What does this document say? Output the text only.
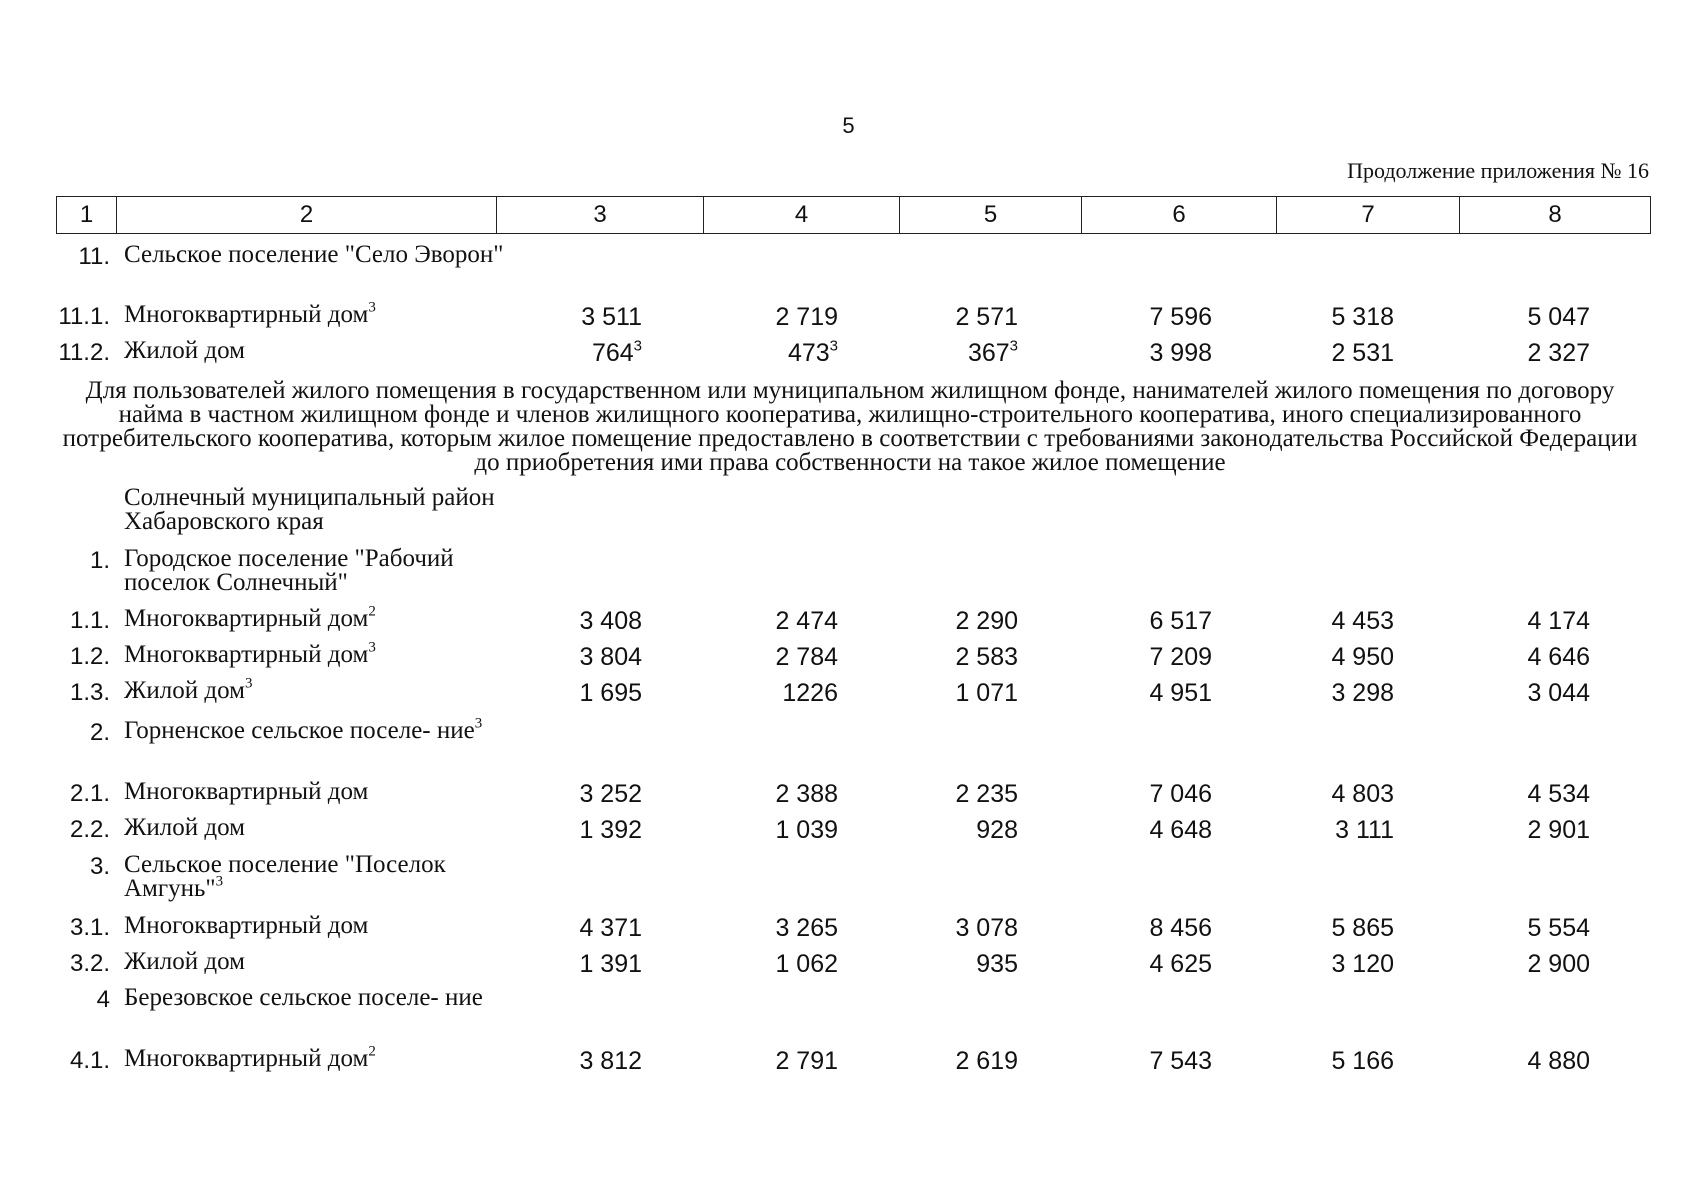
5
Продолжение приложения № 16
1	2	3	4	5	6	7	8
11. Сельское поселение "Село Эворон"
11.1. Многоквартирный дом$^3$	3 511	2 719	2 571	7 596	5 318	5 047
11.2. Жилой дом	$764^3$	$473^3$	$367^3$	3 998	2 531	2 327
Для пользователей жилого помещения в государственном или муниципальном жилищном фонде, нанимателей жилого помещения по договору найма в частном жилищном фонде и членов жилищного кооператива, жилищно-строительного кооператива, иного специализированного потребительского кооператива, которым жилое помещение предоставлено в соответствии с требованиями законодательства Российской Федерации до приобретения ими права собственности на такое жилое помещение
Солнечный муниципальный район Хабаровского края
1. Городское поселение "Рабочий поселок Солнечный"
1.1. Многоквартирный дом$^2$	3 408	2 474	2 290	6 517	4 453	4 174
1.2. Многоквартирный дом$^3$	3 804	2 784	2 583	7 209	4 950	4 646
1.3. Жилой дом$^3$	1 695	1226	1 071	4 951	3 298	3 044
2. Горненское сельское поселе- ние$^3$
2.1. Многоквартирный дом	3 252	2 388	2 235	7 046	4 803	4 534
2.2. Жилой дом	1 392	1 039	928	4 648	3 111	2 901
3. Сельское поселение "Поселок Амгунь"$^3$
3.1. Многоквартирный дом	4 371	3 265	3 078	8 456	5 865	5 554
3.2. Жилой дом	1 391	1 062	935	4 625	3 120	2 900
4 Березовское сельское поселе- ние
4.1. Многоквартирный дом$^2$	3 812	2 791	2 619	7 543	5 166	4 880
